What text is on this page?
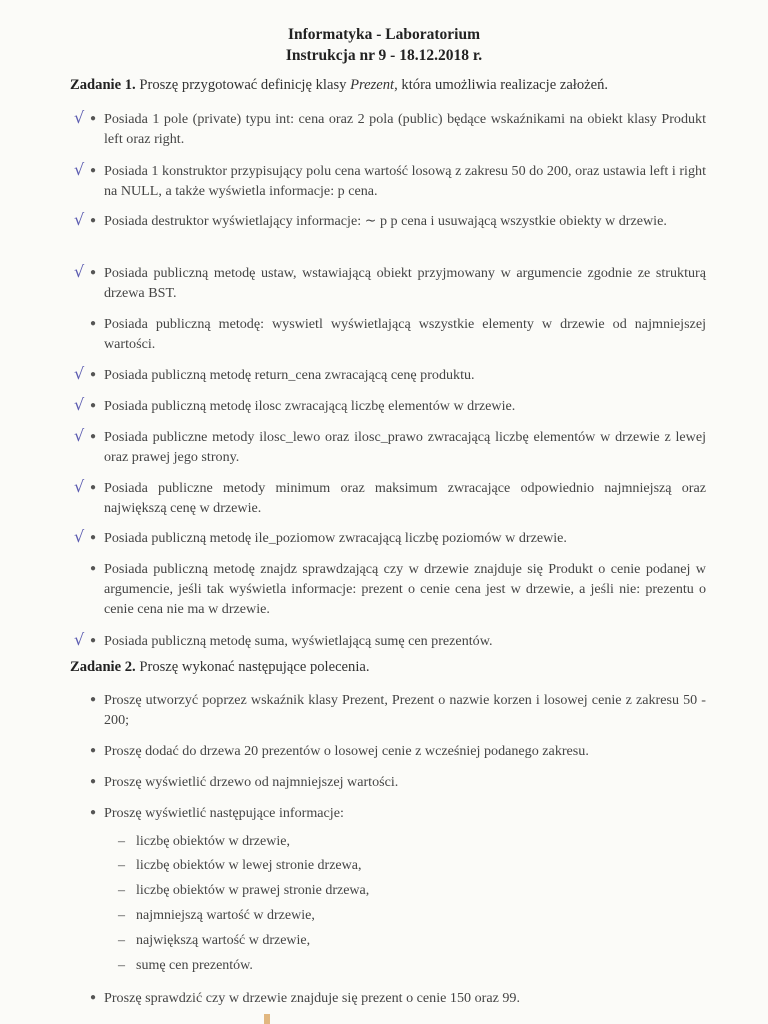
Informatyka - Laboratorium
Instrukcja nr 9 - 18.12.2018 r.
Zadanie 1. Proszę przygotować definicję klasy Prezent, która umożliwia realizacje założeń.
√ ● Posiada 1 pole (private) typu int: cena oraz 2 pola (public) będące wskaźnikami na obiekt klasy Produkt left oraz right.
√ ● Posiada 1 konstruktor przypisujący polu cena wartość losową z zakresu 50 do 200, oraz ustawia left i right na NULL, a także wyświetla informacje: p cena.
√ ● Posiada destruktor wyświetlający informacje: ∼ p p cena i usuwającą wszystkie obiekty w drzewie.
√ ● Posiada publiczną metodę ustaw, wstawiającą obiekt przyjmowany w argumencie zgodnie ze strukturą drzewa BST.
● Posiada publiczną metodę: wyswietl wyświetlającą wszystkie elementy w drzewie od najmniejszej wartości.
√ ● Posiada publiczną metodę return_cena zwracającą cenę produktu.
√ ● Posiada publiczną metodę ilosc zwracającą liczbę elementów w drzewie.
√ ● Posiada publiczne metody ilosc_lewo oraz ilosc_prawo zwracającą liczbę elementów w drzewie z lewej oraz prawej jego strony.
√ ● Posiada publiczne metody minimum oraz maksimum zwracające odpowiednio najmniejszą oraz największą cenę w drzewie.
√ ● Posiada publiczną metodę ile_poziomow zwracającą liczbę poziomów w drzewie.
● Posiada publiczną metodę znajdz sprawdzającą czy w drzewie znajduje się Produkt o cenie podanej w argumencie, jeśli tak wyświetla informacje: prezent o cenie cena jest w drzewie, a jeśli nie: prezentu o cenie cena nie ma w drzewie.
√ ● Posiada publiczną metodę suma, wyświetlającą sumę cen prezentów.
Zadanie 2. Proszę wykonać następujące polecenia.
● Proszę utworzyć poprzez wskaźnik klasy Prezent, Prezent o nazwie korzen i losowej cenie z zakresu 50 - 200;
● Proszę dodać do drzewa 20 prezentów o losowej cenie z wcześniej podanego zakresu.
● Proszę wyświetlić drzewo od najmniejszej wartości.
● Proszę wyświetlić następujące informacje:
– liczbę obiektów w drzewie,
– liczbę obiektów w lewej stronie drzewa,
– liczbę obiektów w prawej stronie drzewa,
– najmniejszą wartość w drzewie,
– największą wartość w drzewie,
– sumę cen prezentów.
● Proszę sprawdzić czy w drzewie znajduje się prezent o cenie 150 oraz 99.
